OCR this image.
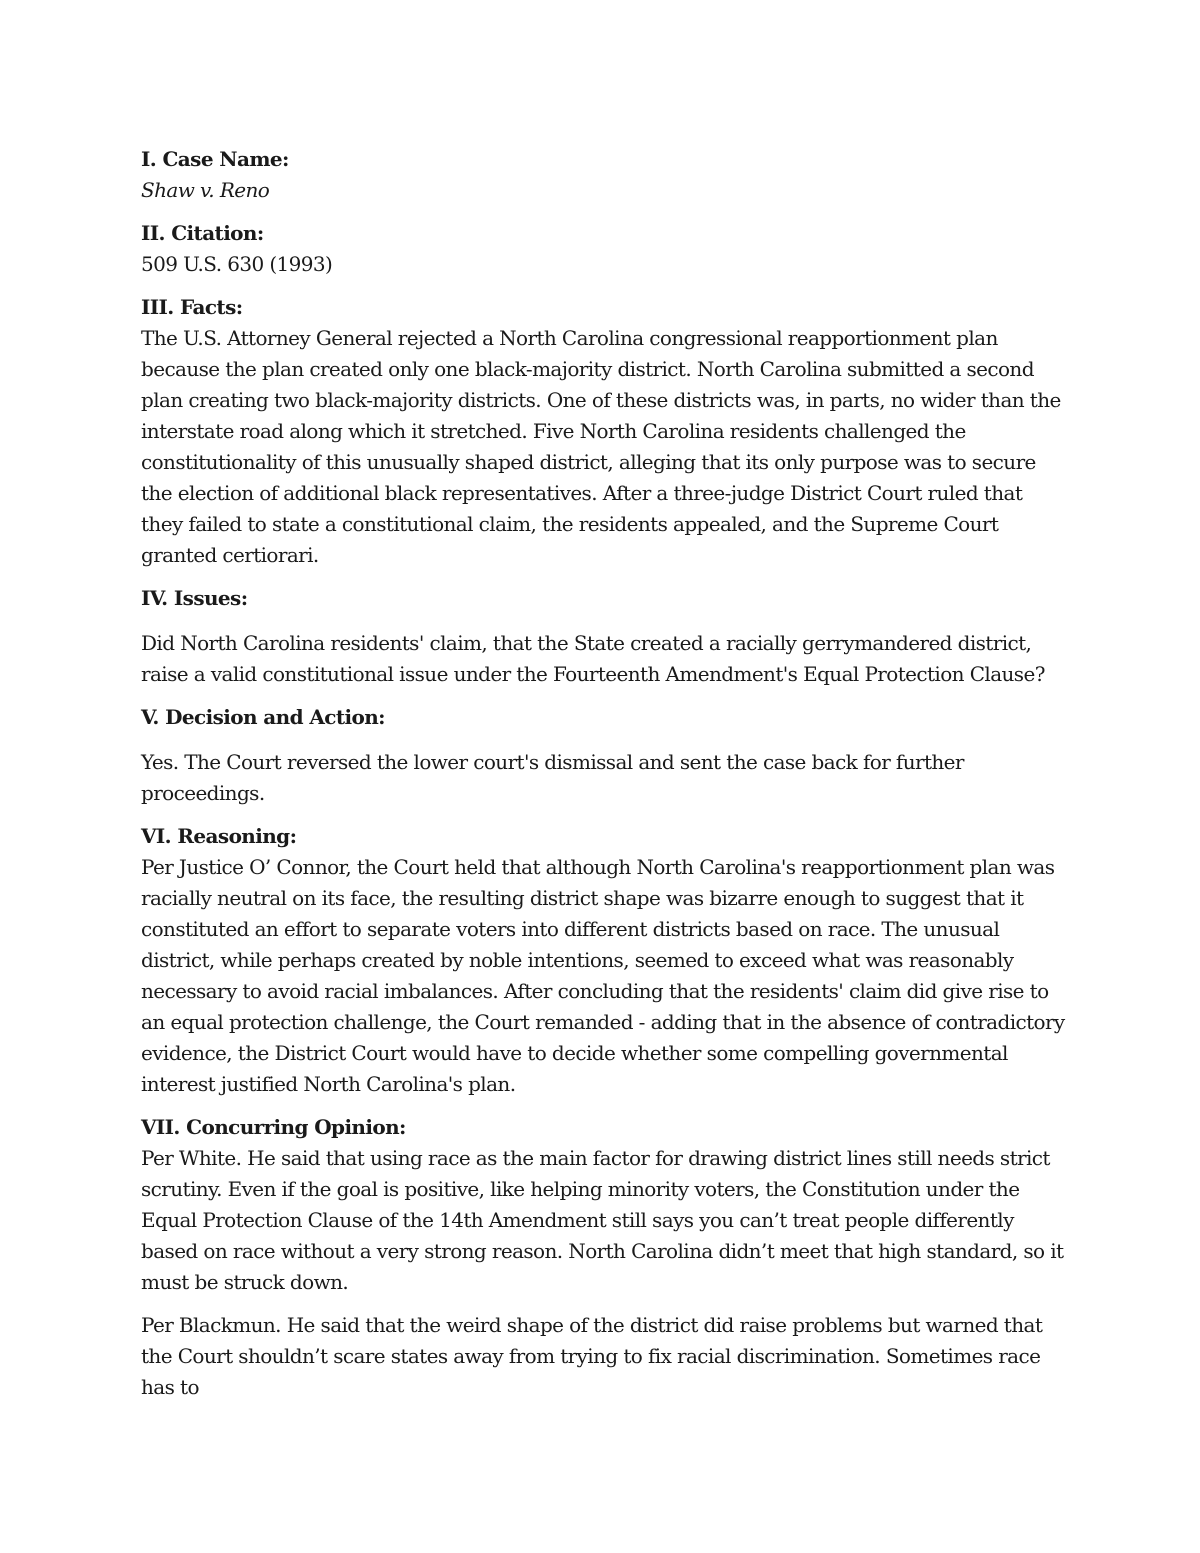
I. Case Name:

Shaw v. Reno

II. Citation:

509 U.S. 630 (1993)

III. Facts:

The U.S. Attorney General rejected a North Carolina congressional reapportionment plan because the plan created only one black-majority district. North Carolina submitted a second plan creating two black-majority districts. One of these districts was, in parts, no wider than the interstate road along which it stretched. Five North Carolina residents challenged the constitutionality of this unusually shaped district, alleging that its only purpose was to secure the election of additional black representatives. After a three-judge District Court ruled that they failed to state a constitutional claim, the residents appealed, and the Supreme Court granted certiorari.

IV. Issues:

Did North Carolina residents' claim, that the State created a racially gerrymandered district, raise a valid constitutional issue under the Fourteenth Amendment's Equal Protection Clause?

V. Decision and Action:

Yes. The Court reversed the lower court's dismissal and sent the case back for further proceedings.

VI. Reasoning:

Per Justice O’ Connor, the Court held that although North Carolina's reapportionment plan was racially neutral on its face, the resulting district shape was bizarre enough to suggest that it constituted an effort to separate voters into different districts based on race. The unusual district, while perhaps created by noble intentions, seemed to exceed what was reasonably necessary to avoid racial imbalances. After concluding that the residents' claim did give rise to an equal protection challenge, the Court remanded - adding that in the absence of contradictory evidence, the District Court would have to decide whether some compelling governmental interest justified North Carolina's plan.

VII. Concurring Opinion:

Per White. He said that using race as the main factor for drawing district lines still needs strict scrutiny. Even if the goal is positive, like helping minority voters, the Constitution under the Equal Protection Clause of the 14th Amendment still says you can’t treat people differently based on race without a very strong reason. North Carolina didn’t meet that high standard, so it must be struck down.

Per Blackmun. He said that the weird shape of the district did raise problems but warned that the Court shouldn’t scare states away from trying to fix racial discrimination. Sometimes race has to
